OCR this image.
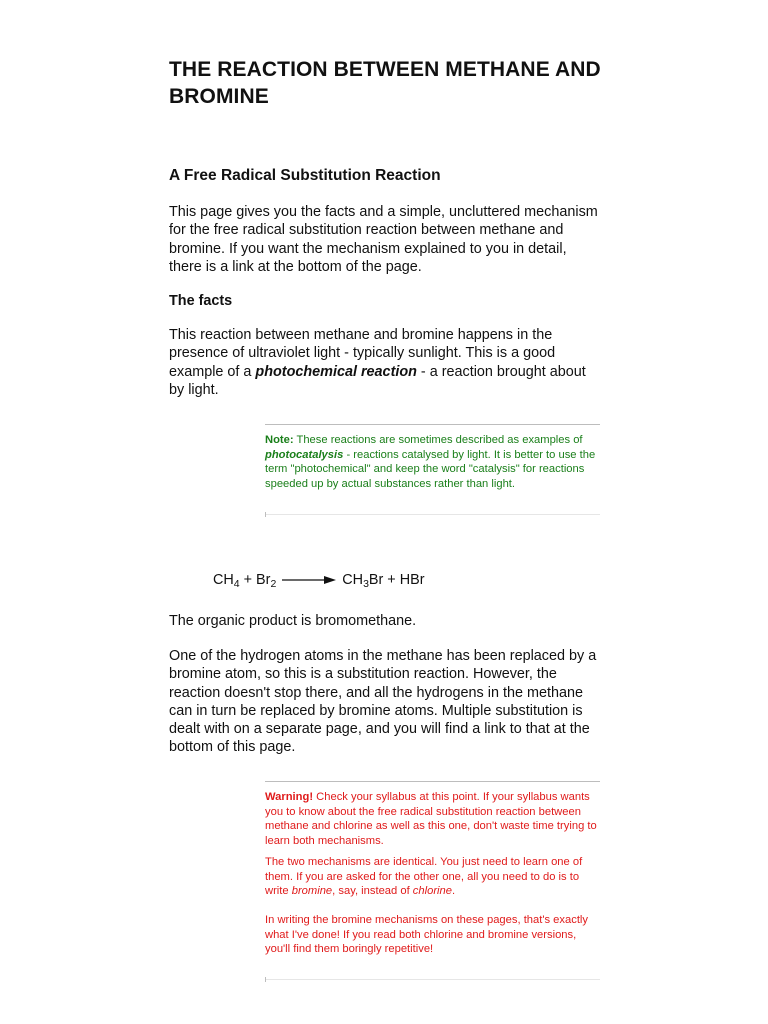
THE REACTION BETWEEN METHANE AND BROMINE
A Free Radical Substitution Reaction

This page gives you the facts and a simple, uncluttered mechanism for the free radical substitution reaction between methane and bromine. If you want the mechanism explained to you in detail, there is a link at the bottom of the page.

The facts

This reaction between methane and bromine happens in the presence of ultraviolet light - typically sunlight. This is a good example of a photochemical reaction - a reaction brought about by light.

Note: These reactions are sometimes described as examples of photocatalysis - reactions catalysed by light. It is better to use the term "photochemical" and keep the word "catalysis" for reactions speeded up by actual substances rather than light.

$CH_4 + Br_2 \to CH_3Br$ + HBr

The organic product is bromomethane.

One of the hydrogen atoms in the methane has been replaced by a bromine atom, so this is a substitution reaction. However, the reaction doesn't stop there, and all the hydrogens in the methane can in turn be replaced by bromine atoms. Multiple substitution is dealt with on a separate page, and you will find a link to that at the bottom of this page.

Warning! Check your syllabus at this point. If your syllabus wants you to know about the free radical substitution reaction between methane and chlorine as well as this one, don't waste time trying to learn both mechanisms.

The two mechanisms are identical. You just need to learn one of them. If you are asked for the other one, all you need to do is to write bromine, say, instead of chlorine.

In writing the bromine mechanisms on these pages, that's exactly what I've done! If you read both chlorine and bromine versions, you'll find them boringly repetitive!
